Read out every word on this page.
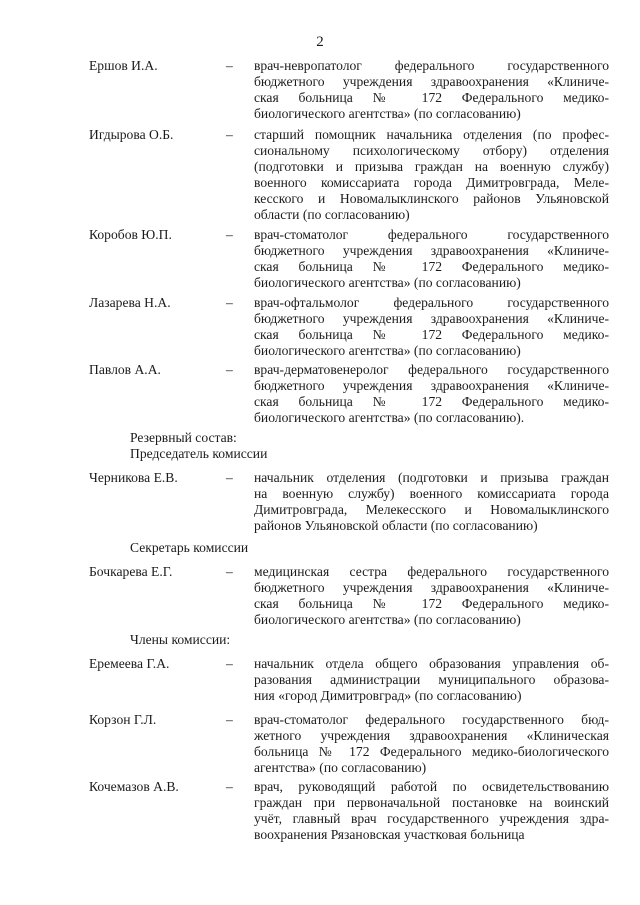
2
Ершов И.А.	– врач-невропатолог федерального государственного
бюджетного учреждения здравоохранения «Клиниче-
ская больница № 172 Федерального медико-
биологического агентства» (по согласованию)
Игдырова О.Б.	– старший помощник начальника отделения (по профес-
сиональному психологическому отбору) отделения
(подготовки и призыва граждан на военную службу)
военного комиссариата города Димитровграда, Меле-
кесского и Новомалыклинского районов Ульяновской
области (по согласованию)
Коробов Ю.П.	– врач-стоматолог федерального государственного
бюджетного учреждения здравоохранения «Клиниче-
ская больница № 172 Федерального медико-
биологического агентства» (по согласованию)
Лазарева Н.А.	– врач-офтальмолог федерального государственного
бюджетного учреждения здравоохранения «Клиниче-
ская больница № 172 Федерального медико-
биологического агентства» (по согласованию)
Павлов А.А.	– врач-дерматовенеролог федерального государственного
бюджетного учреждения здравоохранения «Клиниче-
ская больница № 172 Федерального медико-
биологического агентства» (по согласованию).
Резервный состав:
Председатель комиссии
Черникова Е.В.	– начальник отделения (подготовки и призыва граждан
на военную службу) военного комиссариата города
Димитровграда, Мелекесского и Новомалыклинского
районов Ульяновской области (по согласованию)
Секретарь комиссии
Бочкарева Е.Г.	– медицинская сестра федерального государственного
бюджетного учреждения здравоохранения «Клиниче-
ская больница № 172 Федерального медико-
биологического агентства» (по согласованию)
Члены комиссии:
Еремеева Г.А.	– начальник отдела общего образования управления об-
разования администрации муниципального образова-
ния «город Димитровград» (по согласованию)
Корзон Г.Л.	– врач-стоматолог федерального государственного бюд-
жетного учреждения здравоохранения «Клиническая
больница № 172 Федерального медико-биологического
агентства» (по согласованию)
Кочемазов А.В.	– врач, руководящий работой по освидетельствованию
граждан при первоначальной постановке на воинский
учёт, главный врач государственного учреждения здра-
воохранения Рязановская участковая больница
